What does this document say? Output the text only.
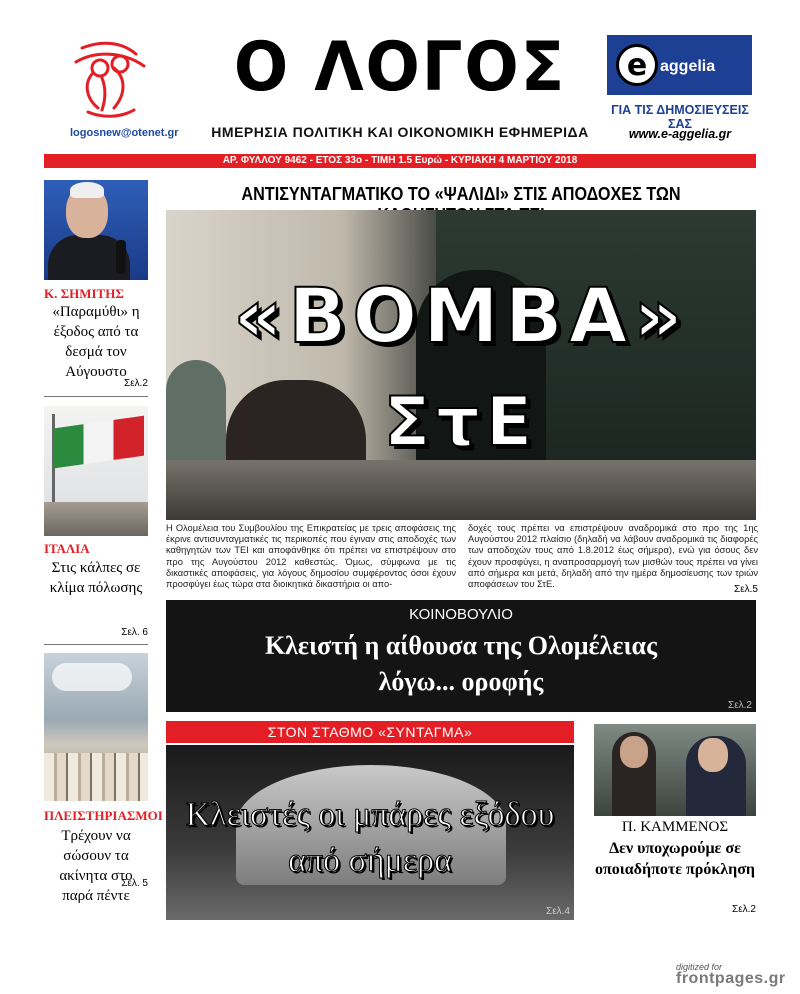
logosnew@otenet.gr
Ο ΛΟΓΟΣ
ΗΜΕΡΗΣΙΑ ΠΟΛΙΤΙΚΗ ΚΑΙ ΟΙΚΟΝΟΜΙΚΗ ΕΦΗΜΕΡΙΔΑ
e aggelia
ΓΙΑ ΤΙΣ ΔΗΜΟΣΙΕΥΣΕΙΣ ΣΑΣ
www.e-aggelia.gr
ΑΡ. ΦΥΛΛΟΥ 9462 - ΕΤΟΣ 33ο - ΤΙΜΗ 1.5 Ευρώ - ΚΥΡΙΑΚΗ 4 ΜΑΡΤΙΟΥ 2018
Κ. ΣΗΜΙΤΗΣ
«Παραμύθι» η έξοδος από τα δεσμά τον Αύγουστο
Σελ.2
ΙΤΑΛΙΑ
Στις κάλπες σε κλίμα πόλωσης
Σελ. 6
ΠΛΕΙΣΤΗΡΙΑΣΜΟΙ
Τρέχουν να σώσουν τα ακίνητα στο παρά πέντε
Σελ. 5
ΑΝΤΙΣΥΝΤΑΓΜΑΤΙΚΟ ΤΟ «ΨΑΛΙΔΙ» ΣΤΙΣ ΑΠΟΔΟΧΕΣ ΤΩΝ
«ΒΟΜΒΑ»
ΣτΕ
Η Ολομέλεια του Συμβουλίου της Επικρατείας με τρεις αποφάσεις της έκρινε αντισυνταγματικές τις περικοπές που έγιναν στις αποδοχές των καθηγητών των ΤΕΙ και αποφάνθηκε ότι πρέπει να επιστρέψουν στο προ της Αυγούστου 2012 καθεστώς. Όμως, σύμφωνα με τις δικαστικές αποφάσεις, για λόγους δημοσίου συμφέροντος όσοι έχουν προσφύγει έως τώρα στα διοικητικά δικαστήρια οι απο-
δοχές τους πρέπει να επιστρέψουν αναδρομικά στο προ της 1ης Αυγούστου 2012 πλαίσιο (δηλαδή να λάβουν αναδρομικά τις διαφορές των αποδοχών τους από 1.8.2012 έως σήμερα), ενώ για όσους δεν έχουν προσφύγει, η αναπροσαρμογή των μισθών τους πρέπει να γίνει από σήμερα και μετά, δηλαδή από την ημέρα δημοσίευσης των τριών αποφάσεων του ΣτΕ.	Σελ.5
ΚΟΙΝΟΒΟΥΛΙΟ
Κλειστή η αίθουσα της Ολομέλειας
λόγω... οροφής
Σελ.2
ΣΤΟΝ ΣΤΑΘΜΟ «ΣΥΝΤΑΓΜΑ»
Κλειστές οι μπάρες εξόδου
από σήμερα
Σελ.4
Π. ΚΑΜΜΕΝΟΣ
Δεν υποχωρούμε σε οποιαδήποτε πρόκληση
Σελ.2
digitized for
frontpages.gr
